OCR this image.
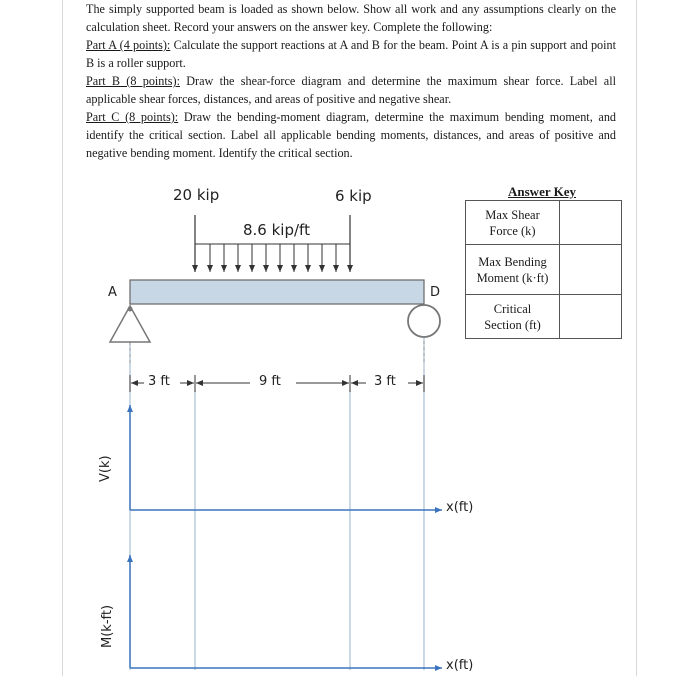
The simply supported beam is loaded as shown below. Show all work and any assumptions clearly on the calculation sheet. Record your answers on the answer key. Complete the following:

Part A (4 points): Calculate the support reactions at A and B for the beam. Point A is a pin support and point B is a roller support.

Part B (8 points): Draw the shear-force diagram and determine the maximum shear force. Label all applicable shear forces, distances, and areas of positive and negative shear.

Part C (8 points): Draw the bending-moment diagram, determine the maximum bending moment, and identify the critical section. Label all applicable bending moments, distances, and areas of positive and negative bending moment. Identify the critical section.

20 kip	6 kip
8.6 kip/ft
A	D
3 ft	9 ft	3 ft
V(k)
M(k-ft)
x(ft)
x(ft)
Answer Key
Max Shear
Force (k)	
Max Bending
Moment (k·ft)	
Critical
Section (ft)	
